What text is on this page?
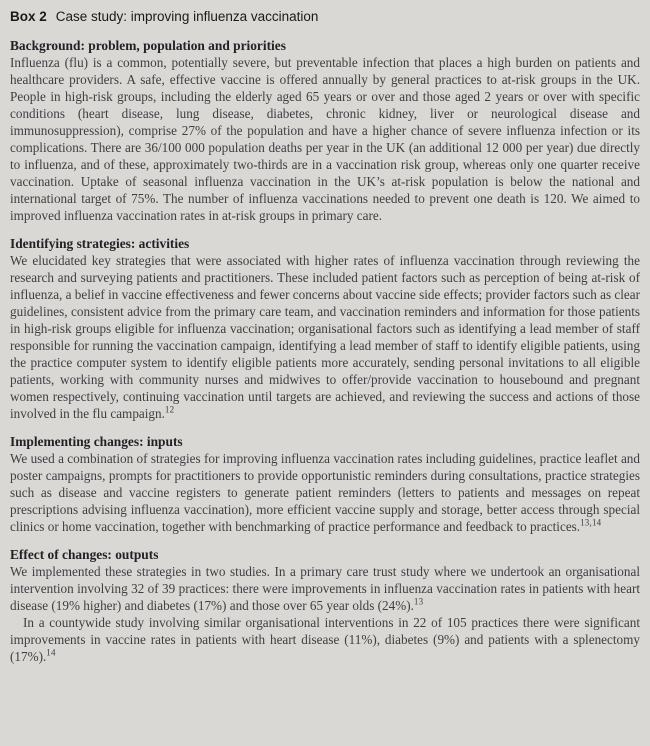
Box 2 Case study: improving influenza vaccination
Background: problem, population and priorities

Influenza (flu) is a common, potentially severe, but preventable infection that places a high burden on patients and healthcare providers. A safe, effective vaccine is offered annually by general practices to at-risk groups in the UK. People in high-risk groups, including the elderly aged 65 years or over and those aged 2 years or over with specific conditions (heart disease, lung disease, diabetes, chronic kidney, liver or neurological disease and immunosuppression), comprise 27% of the population and have a higher chance of severe influenza infection or its complications. There are 36/100 000 population deaths per year in the UK (an additional 12 000 per year) due directly to influenza, and of these, approximately two-thirds are in a vaccination risk group, whereas only one quarter receive vaccination. Uptake of seasonal influenza vaccination in the UK’s at-risk population is below the national and international target of 75%. The number of influenza vaccinations needed to prevent one death is 120. We aimed to improved influenza vaccination rates in at-risk groups in primary care.

Identifying strategies: activities

We elucidated key strategies that were associated with higher rates of influenza vaccination through reviewing the research and surveying patients and practitioners. These included patient factors such as perception of being at-risk of influenza, a belief in vaccine effectiveness and fewer concerns about vaccine side effects; provider factors such as clear guidelines, consistent advice from the primary care team, and vaccination reminders and information for those patients in high-risk groups eligible for influenza vaccination; organisational factors such as identifying a lead member of staff responsible for running the vaccination campaign, identifying a lead member of staff to identify eligible patients, using the practice computer system to identify eligible patients more accurately, sending personal invitations to all eligible patients, working with community nurses and midwives to offer/provide vaccination to housebound and pregnant women respectively, continuing vaccination until targets are achieved, and reviewing the success and actions of those involved in the flu campaign.$^{12}$

Implementing changes: inputs

We used a combination of strategies for improving influenza vaccination rates including guidelines, practice leaflet and poster campaigns, prompts for practitioners to provide opportunistic reminders during consultations, practice strategies such as disease and vaccine registers to generate patient reminders (letters to patients and messages on repeat prescriptions advising influenza vaccination), more efficient vaccine supply and storage, better access through special clinics or home vaccination, together with benchmarking of practice performance and feedback to practices.$^{13,14}$

Effect of changes: outputs

We implemented these strategies in two studies. In a primary care trust study where we undertook an organisational intervention involving 32 of 39 practices: there were improvements in influenza vaccination rates in patients with heart disease (19% higher) and diabetes (17%) and those over 65 year olds (24%).$^{13}$

In a countywide study involving similar organisational interventions in 22 of 105 practices there were significant improvements in vaccine rates in patients with heart disease (11%), diabetes (9%) and patients with a splenectomy (17%).$^{14}$
